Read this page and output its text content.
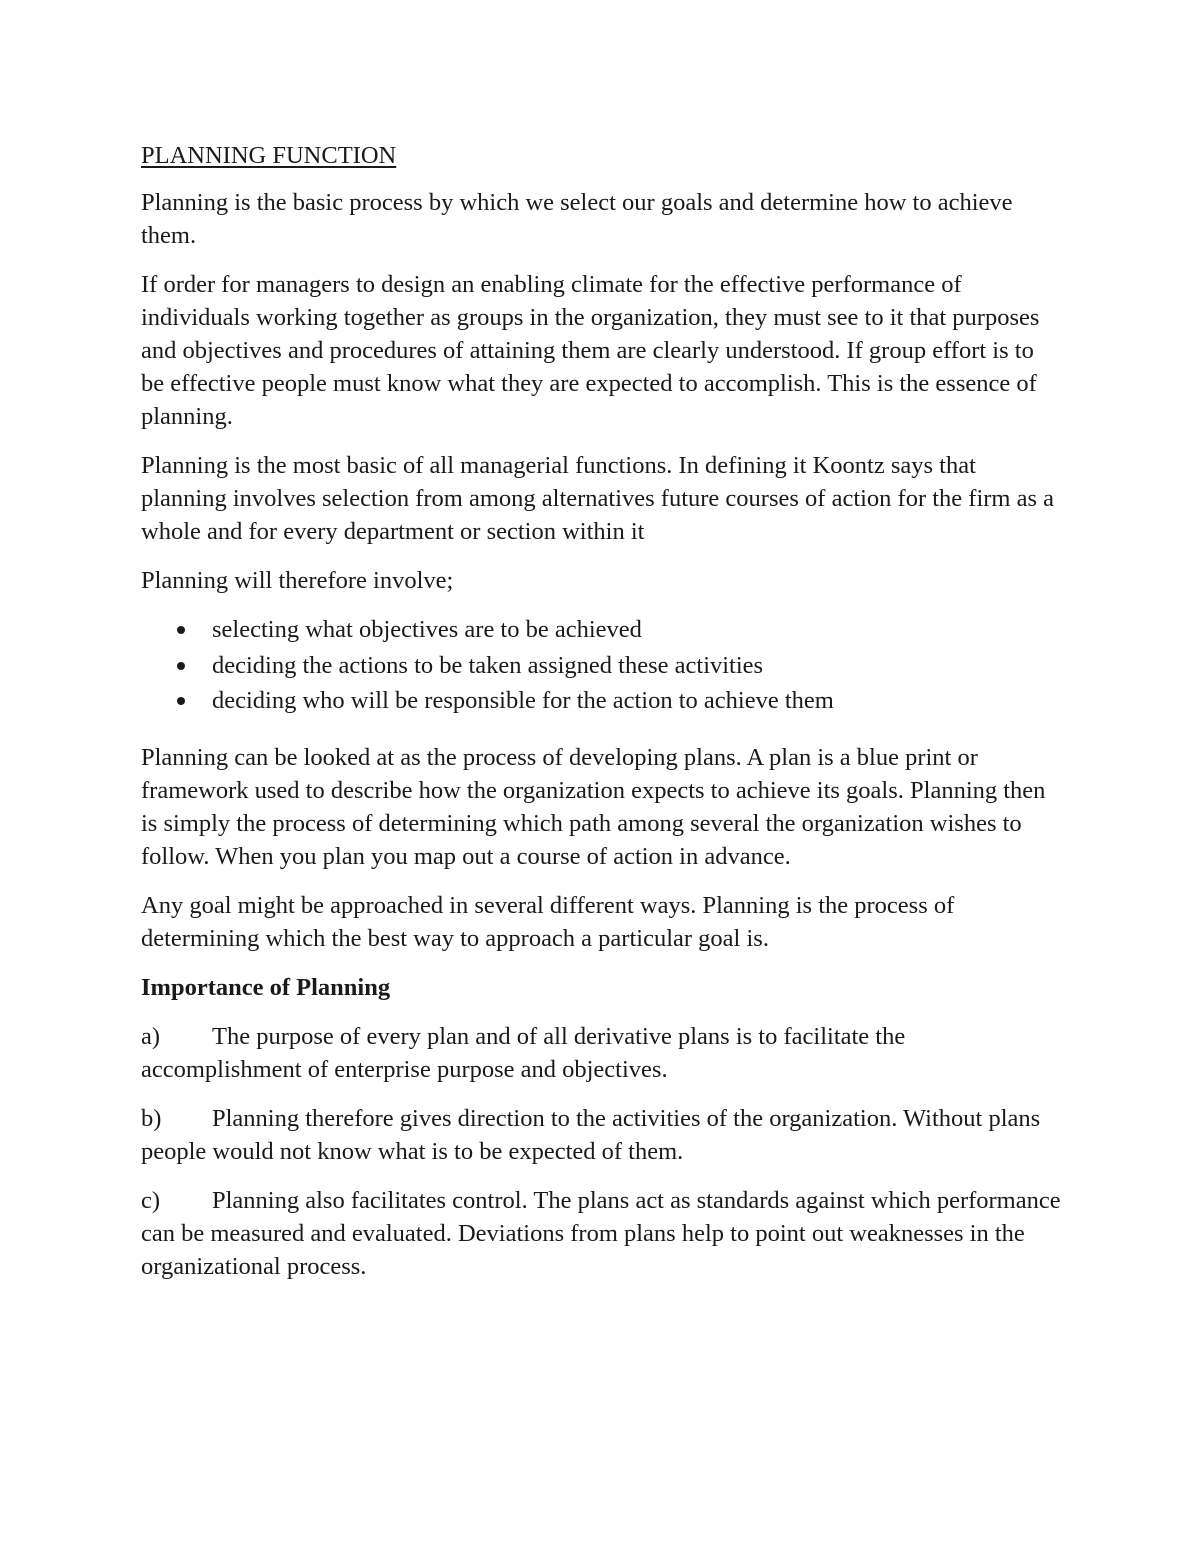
PLANNING FUNCTION

Planning is the basic process by which we select our goals and determine how to achieve them.

If order for managers to design an enabling climate for the effective performance of individuals working together as groups in the organization, they must see to it that purposes and objectives and procedures of attaining them are clearly understood. If group effort is to be effective people must know what they are expected to accomplish. This is the essence of planning.

Planning is the most basic of all managerial functions. In defining it Koontz says that planning involves selection from among alternatives future courses of action for the firm as a whole and for every department or section within it

Planning will therefore involve;

selecting what objectives are to be achieved
deciding the actions to be taken assigned these activities
deciding who will be responsible for the action to achieve them

Planning can be looked at as the process of developing plans. A plan is a blue print or framework used to describe how the organization expects to achieve its goals. Planning then is simply the process of determining which path among several the organization wishes to follow. When you plan you map out a course of action in advance.

Any goal might be approached in several different ways. Planning is the process of determining which the best way to approach a particular goal is.

Importance of Planning

a) The purpose of every plan and of all derivative plans is to facilitate the accomplishment of enterprise purpose and objectives.

b) Planning therefore gives direction to the activities of the organization. Without plans people would not know what is to be expected of them.

c) Planning also facilitates control. The plans act as standards against which performance can be measured and evaluated. Deviations from plans help to point out weaknesses in the organizational process.
